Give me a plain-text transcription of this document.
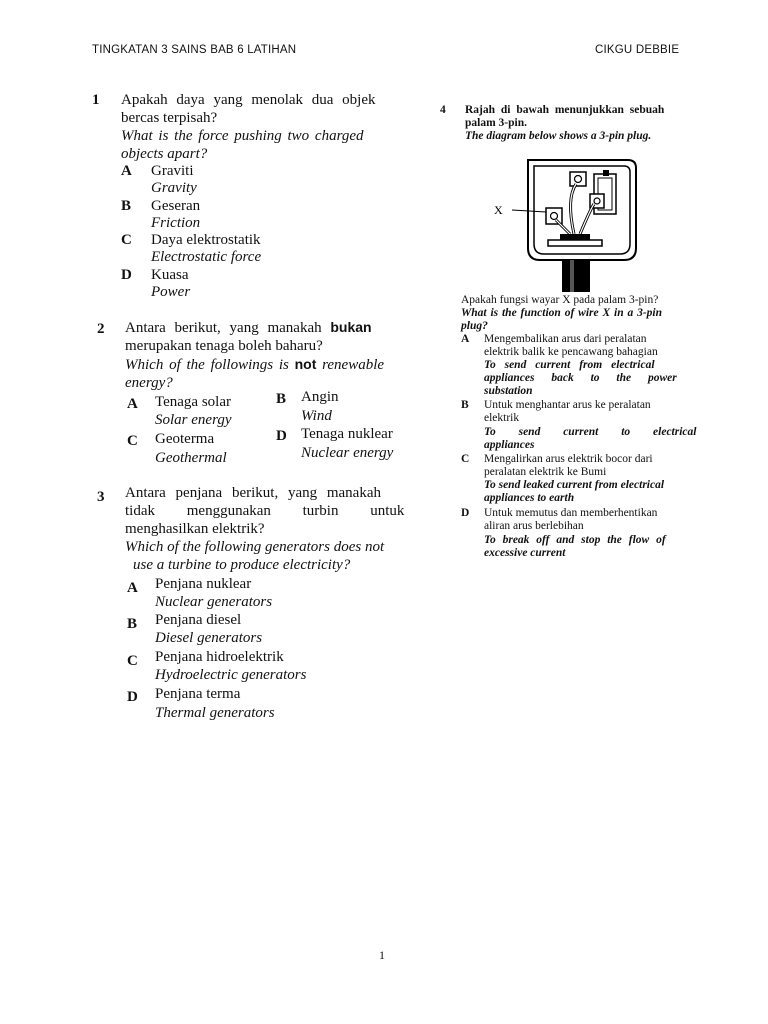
TINGKATAN 3 SAINS BAB 6 LATIHAN	CIKGU DEBBIE
1 Apakah daya yang menolak dua objek
bercas terpisah?
What is the force pushing two charged
objects apart?
A Graviti
Gravity
B Geseran
Friction
C Daya elektrostatik
Electrostatic force
D Kuasa
Power
2 Antara berikut, yang manakah bukan
merupakan tenaga boleh baharu?
Which of the followings is not renewable
energy?
A Tenaga solar
Solar energy
B Angin
Wind
C Geoterma
Geothermal
D Tenaga nuklear
Nuclear energy
3 Antara penjana berikut, yang manakah
tidak menggunakan turbin untuk
menghasilkan elektrik?
Which of the following generators does not
use a turbine to produce electricity?
A Penjana nuklear
Nuclear generators
B Penjana diesel
Diesel generators
C Penjana hidroelektrik
Hydroelectric generators
D Penjana terma
Thermal generators
4 Rajah di bawah menunjukkan sebuah
palam 3-pin.
The diagram below shows a 3-pin plug.
X
Apakah fungsi wayar X pada palam 3-pin?
What is the function of wire X in a 3-pin
plug?
A Mengembalikan arus dari peralatan
elektrik balik ke pencawang bahagian
To send current from electrical
appliances back to the power
substation
B Untuk menghantar arus ke peralatan
elektrik
To send current to electrical
appliances
C Mengalirkan arus elektrik bocor dari
peralatan elektrik ke Bumi
To send leaked current from electrical
appliances to earth
D Untuk memutus dan memberhentikan
aliran arus berlebihan
To break off and stop the flow of
excessive current
1
